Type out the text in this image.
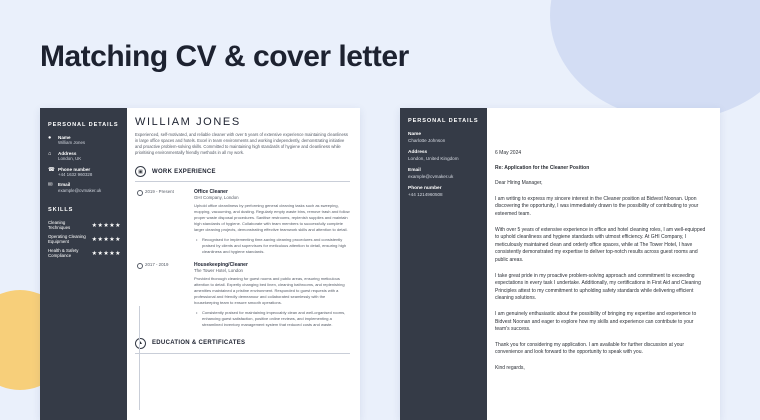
Matching CV & cover letter
PERSONAL DETAILS
●	Name
William Jones
⌂	Address
London, UK
☎ Phone number
+44 1632 960328
✉	Email
example@cvmaker.uk
SKILLS
Cleaning Techniques	★★★★★
Operating Cleaning Equipment	★★★★★
Health & Safety Compliance	★★★★★
WILLIAM JONES
Experienced, self-motivated, and reliable cleaner with over 5 years of extensive experience maintaining cleanliness in large office spaces and hotels. Excel in team environments and working independently, demonstrating initiative and proactive problem-solving skills. Committed to maintaining high standards of hygiene and cleanliness while prioritising environmentally friendly methods in all my work.
▣	WORK EXPERIENCE
2019 - Present	Office Cleaner
GHI Company, London
Uphold office cleanliness by performing general cleaning tasks such as sweeping, mopping, vacuuming, and dusting. Regularly empty waste bins, remove trash and follow proper waste disposal procedures. Sanitise restrooms, replenish supplies and maintain high standards of hygiene. Collaborate with team members to successfully complete larger cleaning projects, demonstrating effective teamwork skills and attention to detail.
• Recognised for implementing time-saving cleaning procedures and consistently praised by clients and supervisors for meticulous attention to detail, ensuring high cleanliness and hygiene standards.
2017 - 2019	Housekeeping/Cleaner
The Tower Hotel, London
Provided thorough cleaning for guest rooms and public areas, ensuring meticulous attention to detail. Expertly changing bed linen, cleaning bathrooms, and replenishing amenities maintained a pristine environment. Responded to guest requests with a professional and friendly demeanour and collaborated seamlessly with the housekeeping team to ensure smooth operations.
• Consistently praised for maintaining impeccably clean and well-organised rooms, enhancing guest satisfaction, positive online reviews, and implementing a streamlined inventory management system that reduced costs and waste.
▲	EDUCATION & CERTIFICATES
PERSONAL DETAILS
Name
Charlotte Johnson
Address
London, United Kingdom
Email
example@cvmaker.uk
Phone number
+44 1214960508
6 May 2024
Re: Application for the Cleaner Position
Dear Hiring Manager,
I am writing to express my sincere interest in the Cleaner position at Bidvest Noonan. Upon discovering the opportunity, I was immediately drawn to the possibility of contributing to your esteemed team.
With over 5 years of extensive experience in office and hotel cleaning roles, I am well-equipped to uphold cleanliness and hygiene standards with utmost efficiency. At GHI Company, I meticulously maintained clean and orderly office spaces, while at The Tower Hotel, I have consistently demonstrated my expertise to deliver top-notch results across guest rooms and public areas.
I take great pride in my proactive problem-solving approach and commitment to exceeding expectations in every task I undertake. Additionally, my certifications in First Aid and Cleaning Principles attest to my commitment to upholding safety standards while delivering efficient cleaning solutions.
I am genuinely enthusiastic about the possibility of bringing my expertise and experience to Bidvest Noonan and eager to explore how my skills and experience can contribute to your team's success.
Thank you for considering my application. I am available for further discussion at your convenience and look forward to the opportunity to speak with you.
Kind regards,
